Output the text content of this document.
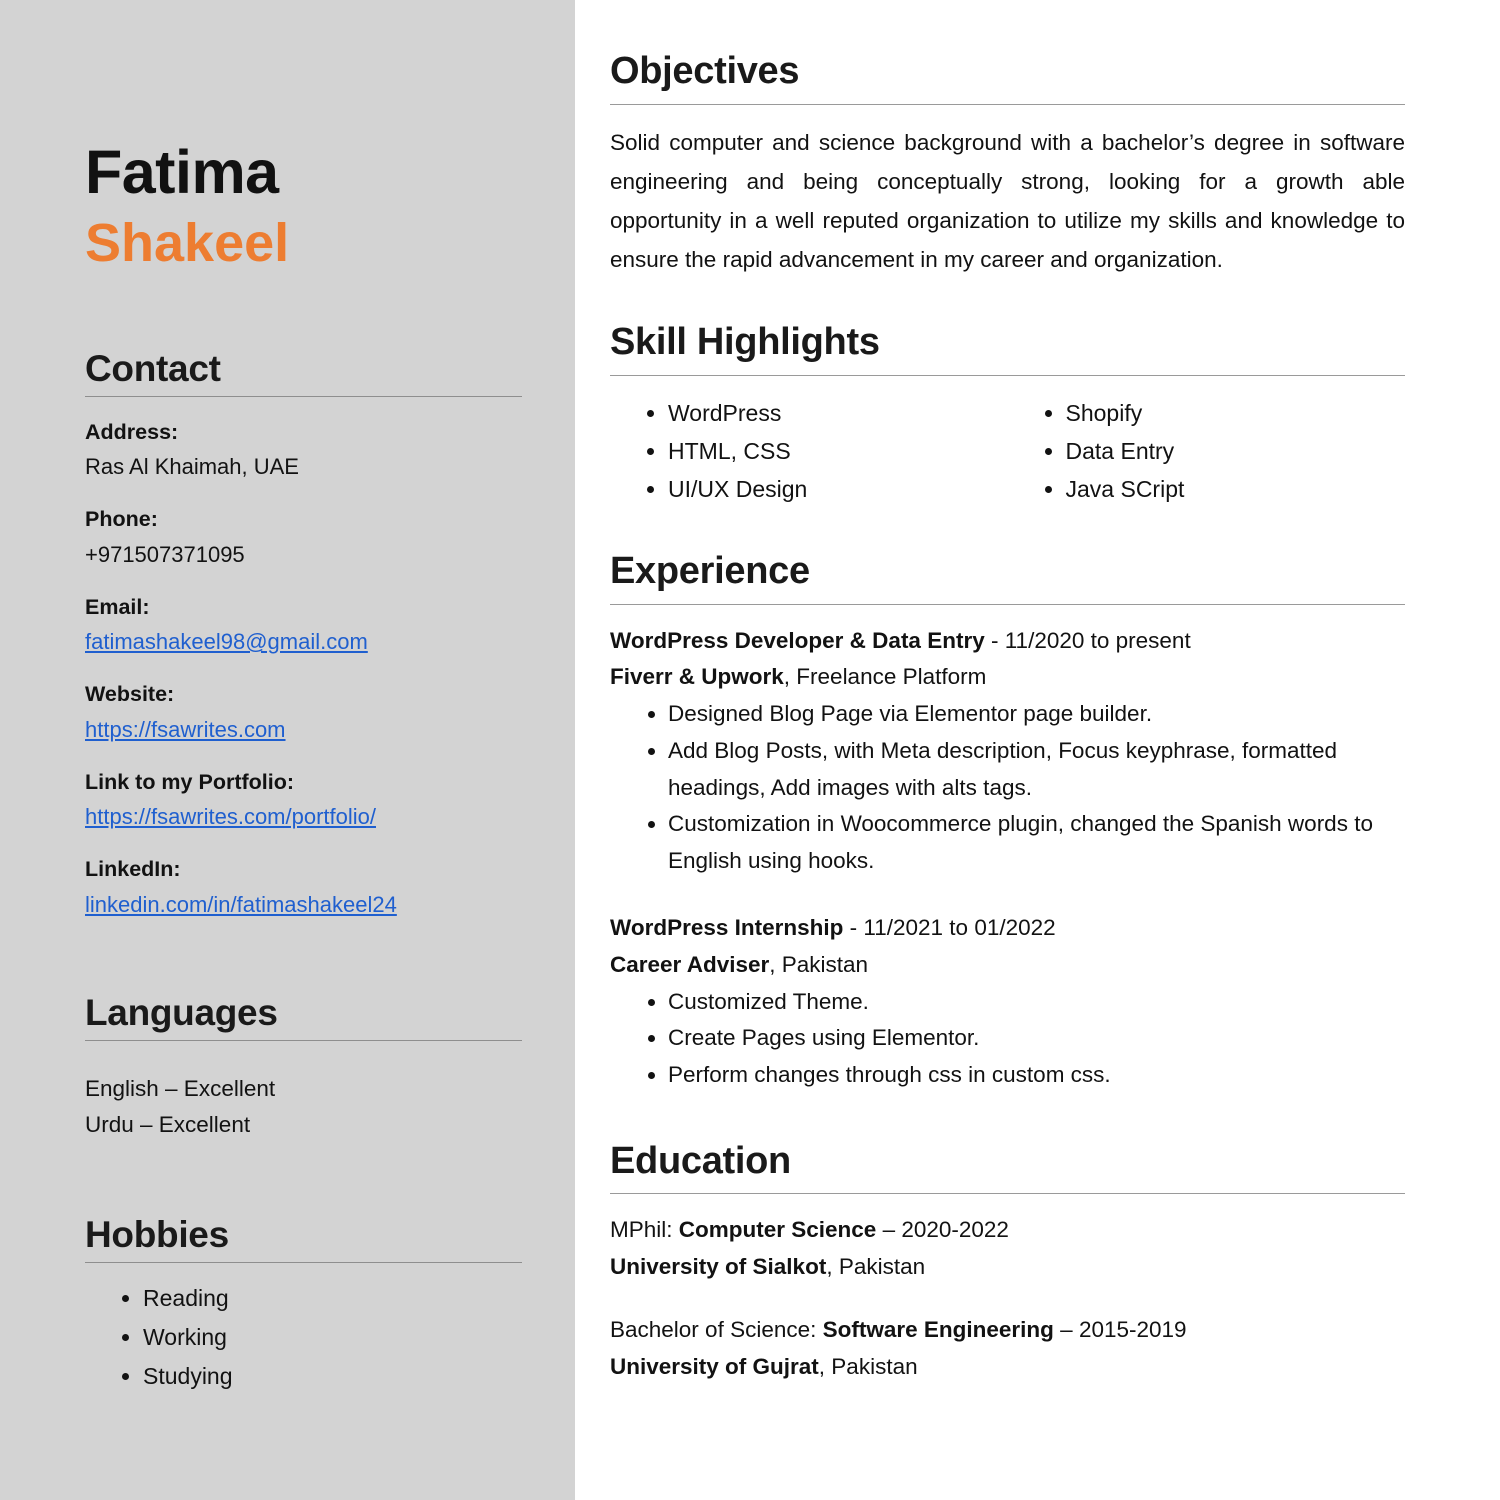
Fatima
Shakeel
Contact
Address:
Ras Al Khaimah, UAE
Phone:
+971507371095
Email:
fatimashakeel98@gmail.com
Website:
https://fsawrites.com
Link to my Portfolio:
https://fsawrites.com/portfolio/
LinkedIn:
linkedin.com/in/fatimashakeel24
Languages
English – Excellent
Urdu – Excellent
Hobbies
• Reading
• Working
• Studying
Objectives
Solid computer and science background with a bachelor’s degree in software engineering and being conceptually strong, looking for a growth able opportunity in a well reputed organization to utilize my skills and knowledge to ensure the rapid advancement in my career and organization.
Skill Highlights
• WordPress
• HTML, CSS
• UI/UX Design
• Shopify
• Data Entry
• Java SCript
Experience
WordPress Developer & Data Entry - 11/2020 to present
Fiverr & Upwork, Freelance Platform
• Designed Blog Page via Elementor page builder.
• Add Blog Posts, with Meta description, Focus keyphrase, formatted headings, Add images with alts tags.
• Customization in Woocommerce plugin, changed the Spanish words to English using hooks.
WordPress Internship - 11/2021 to 01/2022
Career Adviser, Pakistan
• Customized Theme.
• Create Pages using Elementor.
• Perform changes through css in custom css.
Education
MPhil: Computer Science – 2020-2022
University of Sialkot, Pakistan
Bachelor of Science: Software Engineering – 2015-2019
University of Gujrat, Pakistan
